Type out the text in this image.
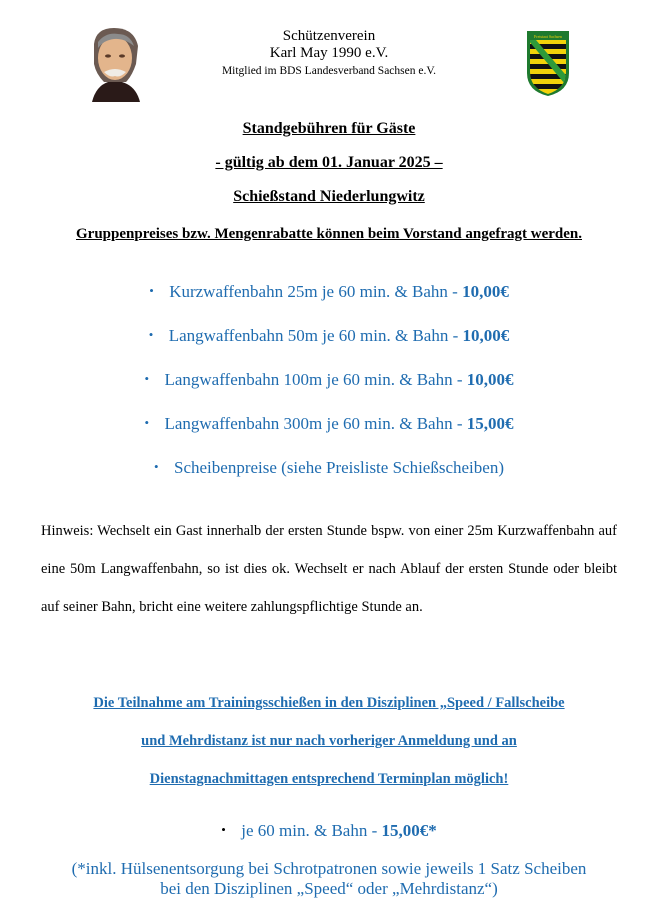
Schützenverein
Karl May 1990 e.V.
Mitglied im BDS Landesverband Sachsen e.V.
Freistaat Sachsen
Standgebühren für Gäste
- gültig ab dem 01. Januar 2025 –
Schießstand Niederlungwitz
Gruppenpreises bzw. Mengenrabatte können beim Vorstand angefragt werden.
• Kurzwaffenbahn 25m je 60 min. & Bahn - 10,00€
• Langwaffenbahn 50m je 60 min. & Bahn - 10,00€
• Langwaffenbahn 100m je 60 min. & Bahn - 10,00€
• Langwaffenbahn 300m je 60 min. & Bahn - 15,00€
• Scheibenpreise (siehe Preisliste Schießscheiben)

Hinweis: Wechselt ein Gast innerhalb der ersten Stunde bspw. von einer 25m Kurzwaffenbahn auf eine 50m Langwaffenbahn, so ist dies ok. Wechselt er nach Ablauf der ersten Stunde oder bleibt auf seiner Bahn, bricht eine weitere zahlungspflichtige Stunde an.

Die Teilnahme am Trainingsschießen in den Disziplinen „Speed / Fallscheibe
und Mehrdistanz ist nur nach vorheriger Anmeldung und an
Dienstagnachmittagen entsprechend Terminplan möglich!
• je 60 min. & Bahn - 15,00€*
(*inkl. Hülsenentsorgung bei Schrotpatronen sowie jeweils 1 Satz Scheiben
bei den Disziplinen „Speed“ oder „Mehrdistanz“)
